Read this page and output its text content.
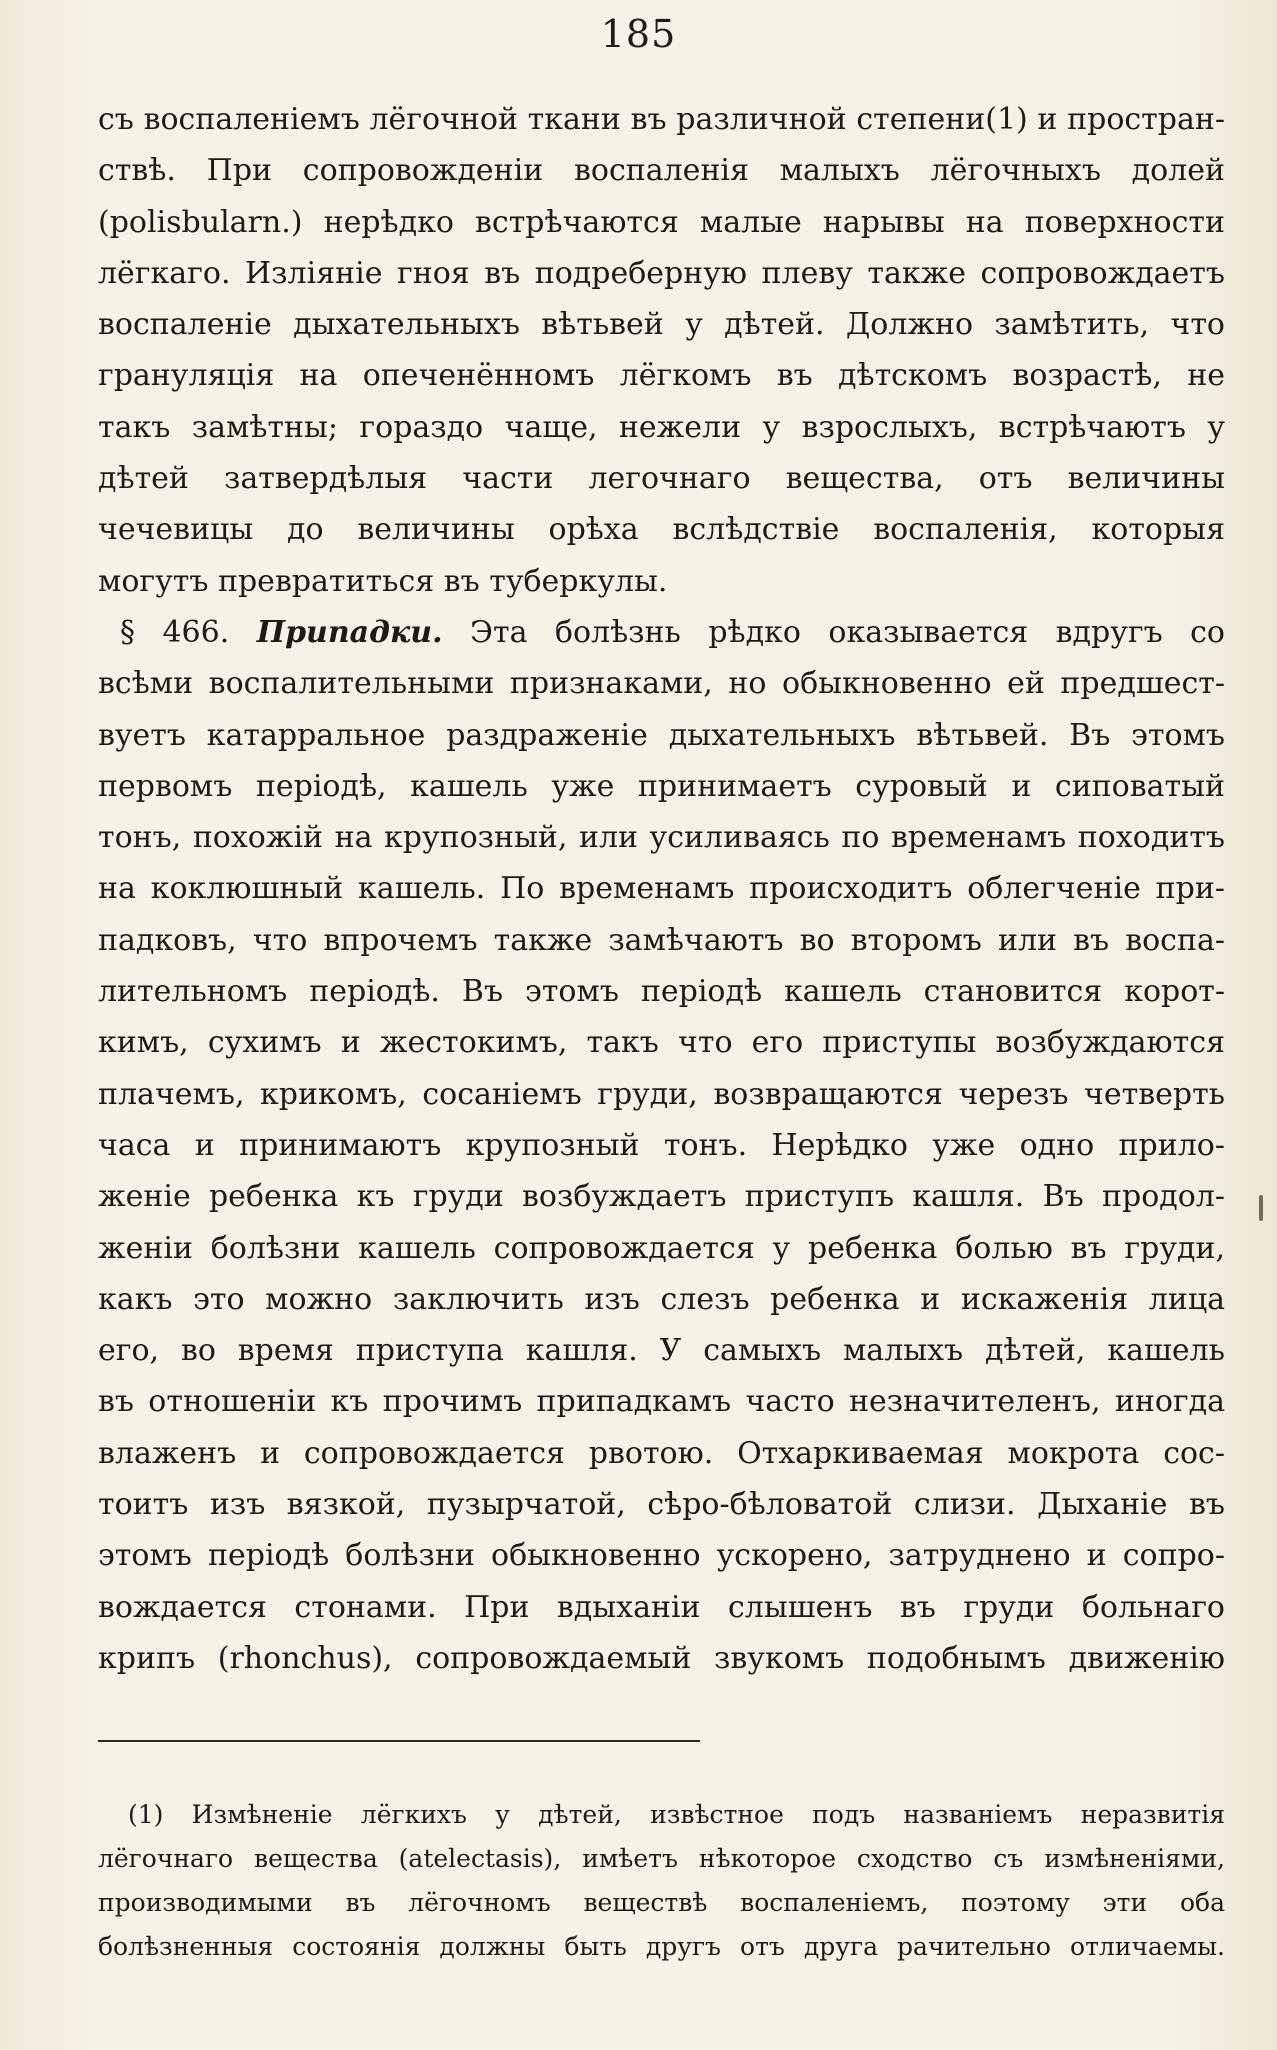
185
съ воспаленіемъ лёгочной ткани въ различной степени(1) и простран-
ствѣ. При сопровожденіи воспаленія малыхъ лёгочныхъ долей
(polisbularn.) нерѣдко встрѣчаются малые нарывы на поверхности
лёгкаго. Изліяніе гноя въ подреберную плеву также сопровождаетъ
воспаленіе дыхательныхъ вѣтьвей у дѣтей. Должно замѣтить, что
грануляція на опеченённомъ лёгкомъ въ дѣтскомъ возрастѣ, не
такъ замѣтны; гораздо чаще, нежели у взрослыхъ, встрѣчаютъ у
дѣтей затвердѣлыя части легочнаго вещества, отъ величины
чечевицы до величины орѣха вслѣдствіе воспаленія, которыя
могутъ превратиться въ туберкулы.
§ 466. Припадки. Эта болѣзнь рѣдко оказывается вдругъ со
всѣми воспалительными признаками, но обыкновенно ей предшест-
вуетъ катарральное раздраженіе дыхательныхъ вѣтьвей. Въ этомъ
первомъ періодѣ, кашель уже принимаетъ суровый и сиповатый
тонъ, похожій на крупозный, или усиливаясь по временамъ походитъ
на коклюшный кашель. По временамъ происходитъ облегченіе при-
падковъ, что впрочемъ также замѣчаютъ во второмъ или въ воспа-
лительномъ періодѣ. Въ этомъ періодѣ кашель становится корот-
кимъ, сухимъ и жестокимъ, такъ что его приступы возбуждаются
плачемъ, крикомъ, сосаніемъ груди, возвращаются черезъ четверть
часа и принимаютъ крупозный тонъ. Нерѣдко уже одно прило-
женіе ребенка къ груди возбуждаетъ приступъ кашля. Въ продол-
женіи болѣзни кашель сопровождается у ребенка болью въ груди,
какъ это можно заключить изъ слезъ ребенка и искаженія лица
его, во время приступа кашля. У самыхъ малыхъ дѣтей, кашель
въ отношеніи къ прочимъ припадкамъ часто незначителенъ, иногда
влаженъ и сопровождается рвотою. Отхаркиваемая мокрота сос-
тоитъ изъ вязкой, пузырчатой, сѣро-бѣловатой слизи. Дыханіе въ
этомъ періодѣ болѣзни обыкновенно ускорено, затруднено и сопро-
вождается стонами. При вдыханіи слышенъ въ груди больнаго
крипъ (rhonchus), сопровождаемый звукомъ подобнымъ движенію
(1) Измѣненіе лёгкихъ у дѣтей, извѣстное подъ названіемъ неразвитія
лёгочнаго вещества (atelectasis), имѣетъ нѣкоторое сходство съ измѣненіями,
производимыми въ лёгочномъ веществѣ воспаленіемъ, поэтому эти оба
болѣзненныя состоянія должны быть другъ отъ друга рачительно отличаемы.
